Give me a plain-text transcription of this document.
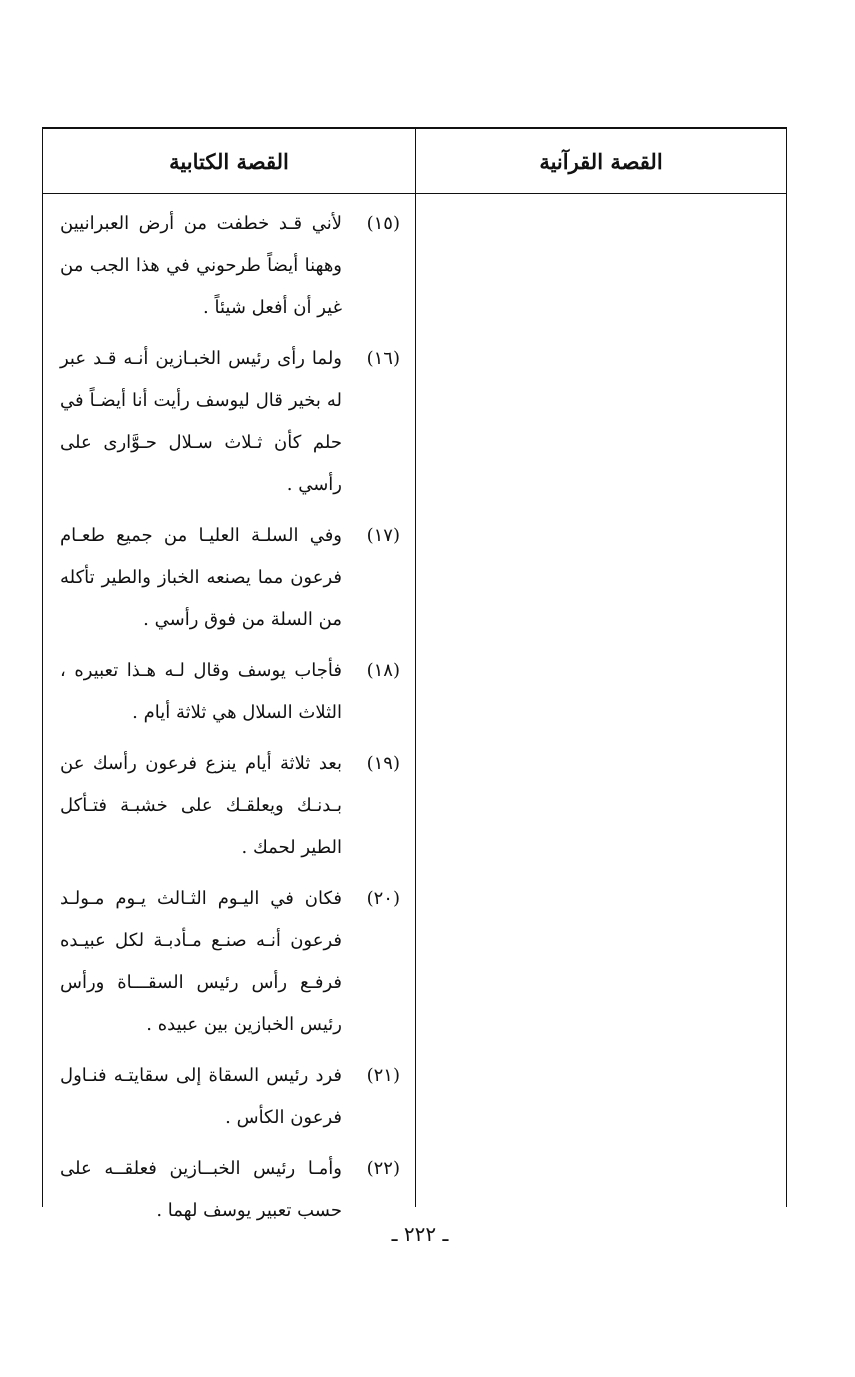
القصة الكتابية	القصة القرآنية
(١٥)
لأني قـد خطفت من أرض العبرانيين وههنا أيضاً طرحوني في هذا الجب من غير أن أفعل شيئاً .
(١٦)
ولما رأى رئيس الخبـازين أنـه قـد عبر له بخير قال ليوسف رأيت أنا أيضـاً في حلم كأن ثـلاث سـلال حـوَّارى على رأسي .
(١٧)
وفي السلـة العليـا من جميع طعـام فرعون مما يصنعه الخباز والطير تأكله من السلة من فوق رأسي .
(١٨)
فأجاب يوسف وقال لـه هـذا تعبيره ، الثلاث السلال هي ثلاثة أيام .
(١٩)
بعد ثلاثة أيام ينزع فرعون رأسك عن بـدنـك ويعلقـك على خشبـة فتـأكل الطير لحمك .
(٢٠)
فكان في اليـوم الثـالث يـوم مـولـد فرعون أنـه صنـع مـأدبـة لكل عبيـده فرفـع رأس رئيس السقـــاة ورأس رئيس الخبازين بين عبيده .
(٢١)
فرد رئيس السقاة إلى سقايتـه فنـاول فرعون الكأس .
(٢٢)
وأمـا رئيس الخبــازين فعلقــه على حسب تعبير يوسف لهما .
ـ ٢٢٢ ـ
